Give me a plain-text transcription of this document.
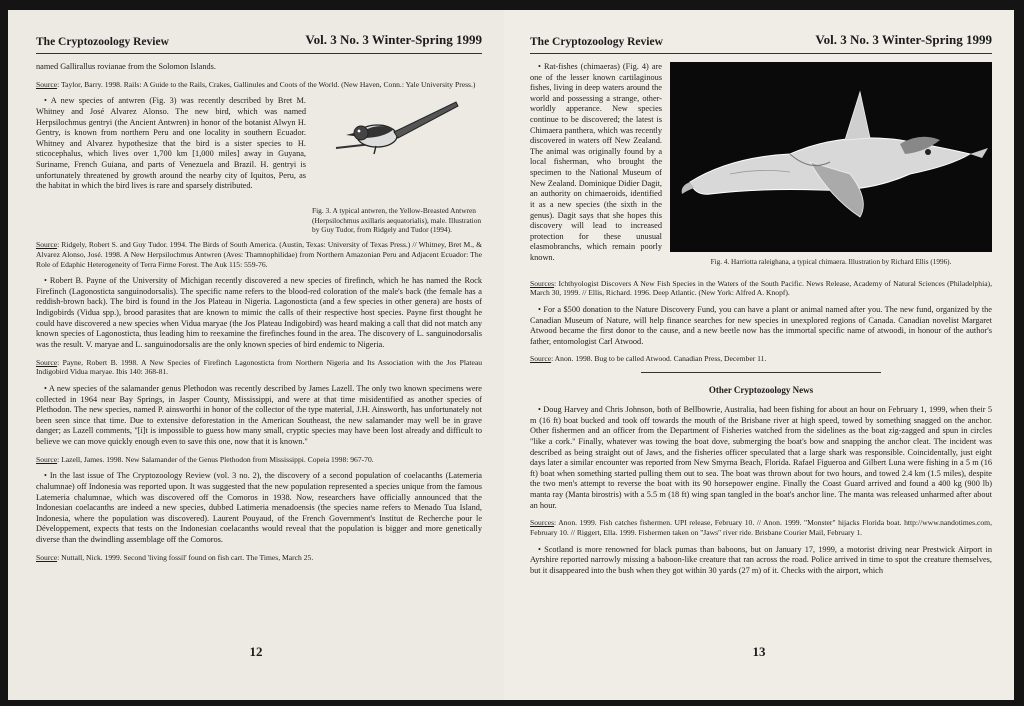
The Cryptozoology Review	Vol. 3 No. 3 Winter-Spring 1999

named Gallirallus rovianae from the Solomon Islands.

Source: Taylor, Barry. 1998. Rails: A Guide to the Rails, Crakes, Gallinules and Coots of the World. (New Haven, Conn.: Yale University Press.)

• A new species of antwren (Fig. 3) was recently described by Bret M. Whitney and José Alvarez Alonso. The new bird, which was named Herpsilochmus gentryi (the Ancient Antwren) in honor of the botanist Alwyn H. Gentry, is known from northern Peru and one locality in southern Ecuador. Whitney and Alvarez hypothesize that the bird is a sister species to H. sticocephalus, which lives over 1,700 km [1,000 miles] away in Guyana, Suriname, French Guiana, and parts of Venezuela and Brazil. H. gentryi is unfortunately threatened by growth around the nearby city of Iquitos, Peru, as the habitat in which the bird lives is rare and sparsely distributed.

Fig. 3. A typical antwren, the Yellow-Breasted Antwren (Herpsilochmus axillaris aequatorialis), male. Illustration by Guy Tudor, from Ridgely and Tudor (1994).

Source: Ridgely, Robert S. and Guy Tudor. 1994. The Birds of South America. (Austin, Texas: University of Texas Press.) // Whitney, Bret M., & Alvarez Alonso, José. 1998. A New Herpsilochmus Antwren (Aves: Thamnophilidae) from Northern Amazonian Peru and Adjacent Ecuador: The Role of Edaphic Heterogeneity of Terra Firme Forest. The Auk 115: 559-76.

• Robert B. Payne of the University of Michigan recently discovered a new species of firefinch, which he has named the Rock Firefinch (Lagonosticta sanguinodorsalis). The specific name refers to the blood-red coloration of the male's back (the female has a reddish-brown back). The bird is found in the Jos Plateau in Nigeria. Lagonosticta (and a few species in other genera) are hosts of Indigobirds (Vidua spp.), brood parasites that are known to mimic the calls of their respective host species. Payne first thought he could have discovered a new species when Vidua maryae (the Jos Plateau Indigobird) was heard making a call that did not match any known species of Lagonosticta, thus leading him to reexamine the firefinches found in the area. The discovery of L. sanguinodorsalis was the result. V. maryae and L. sanguinodorsalis are the only known species of bird endemic to Nigeria.

Source: Payne, Robert B. 1998. A New Species of Firefinch Lagonosticta from Northern Nigeria and Its Association with the Jos Plateau Indigobird Vidua maryae. Ibis 140: 368-81.

• A new species of the salamander genus Plethodon was recently described by James Lazell. The only two known specimens were collected in 1964 near Bay Springs, in Jasper County, Mississippi, and were at that time misidentified as another species of Plethodon. The new species, named P. ainsworthi in honor of the collector of the type material, J.H. Ainsworth, has unfortunately not been seen since that time. Due to extensive deforestation in the American Southeast, the new salamander may well be in grave danger; as Lazell comments, "[i]t is impossible to guess how many small, cryptic species may have been lost already and difficult to believe we can move quickly enough even to save this one, now that it is known."

Source: Lazell, James. 1998. New Salamander of the Genus Plethodon from Mississippi. Copeia 1998: 967-70.

• In the last issue of The Cryptozoology Review (vol. 3 no. 2), the discovery of a second population of coelacanths (Latemeria chalumnae) off Indonesia was reported upon. It was suggested that the new population represented a species unique from the famous Latemeria chalumnae, which was discovered off the Comoros in 1938. Now, researchers have officially announced that the Indonesian coelacanths are indeed a new species, dubbed Latimeria menadoensis (the species name refers to Menado Tua Island, Indonesia, where the population was discovered). Laurent Pouyaud, of the French Government's Institut de Recherche pour le Développement, expects that tests on the Indonesian coelacanths would reveal that the population is bigger and more genetically diverse than the dwindling assemblage off the Comoros.

Source: Nuttall, Nick. 1999. Second 'living fossil' found on fish cart. The Times, March 25.

12
The Cryptozoology Review	Vol. 3 No. 3 Winter-Spring 1999

• Rat-fishes (chimaeras) (Fig. 4) are one of the lesser known cartilaginous fishes, living in deep waters around the world and possessing a strange, other-worldly apperance. New species continue to be discovered; the latest is Chimaera panthera, which was recently discovered in waters off New Zealand. The animal was originally found by a local fisherman, who brought the specimen to the National Museum of New Zealand. Dominique Didier Dagit, an authority on chimaeroids, identified it as a new species (the sixth in the genus). Dagit says that she hopes this discovery will lead to increased protection for these unusual elasmobranchs, which remain poorly known.

Fig. 4. Harriotta raleighana, a typical chimaera. Illustration by Richard Ellis (1996).

Sources: Ichthyologist Discovers A New Fish Species in the Waters of the South Pacific. News Release, Academy of Natural Sciences (Philadelphia), March 30, 1999. // Ellis, Richard. 1996. Deep Atlantic. (New York: Alfred A. Knopf).

• For a $500 donation to the Nature Discovery Fund, you can have a plant or animal named after you. The new fund, organized by the Canadian Museum of Nature, will help finance searches for new species in unexplored regions of Canada. Canadian novelist Margaret Atwood became the first donor to the cause, and a new beetle now has the immortal specific name of atwoodi, in honour of the author's father, entomologist Carl Atwood.

Source: Anon. 1998. Bug to be called Atwood. Canadian Press, December 11.

Other Cryptozoology News

• Doug Harvey and Chris Johnson, both of Bellbowrie, Australia, had been fishing for about an hour on February 1, 1999, when their 5 m (16 ft) boat bucked and took off towards the mouth of the Brisbane river at high speed, towed by something snagged on the anchor. Other fishermen and an officer from the Department of Fisheries watched from the sidelines as the boat zig-zagged and spun in circles "like a cork." Finally, whatever was towing the boat dove, submerging the boat's bow and snapping the anchor cleat. The incident was described as being straight out of Jaws, and the fisheries officer speculated that a large shark was responsible. Coincidentally, just eight days later a similar encounter was reported from New Smyrna Beach, Florida. Rafael Figueroa and Gilbert Luna were fishing in a 5 m (16 ft) boat when something started pulling them out to sea. The boat was thrown about for two hours, and towed 2.4 km (1.5 miles), despite the two men's attempt to reverse the boat with its 90 horsepower engine. Finally the Coast Guard arrived and found a 400 kg (900 lb) manta ray (Manta birostris) with a 5.5 m (18 ft) wing span tangled in the boat's anchor line. The manta was released unharmed after about an hour.

Sources: Anon. 1999. Fish catches fishermen. UPI release, February 10. // Anon. 1999. "Monster" hijacks Florida boat. http://www.nandotimes.com, February 10. // Riggert, Ella. 1999. Fishermen taken on "Jaws" river ride. Brisbane Courier Mail, February 1.

• Scotland is more renowned for black pumas than baboons, but on January 17, 1999, a motorist driving near Prestwick Airport in Ayrshire reported narrowly missing a baboon-like creature that ran across the road. Police arrived in time to spot the creature themselves, but it disappeared into the bush when they got within 30 yards (27 m) of it. Checks with the airport, which

13
